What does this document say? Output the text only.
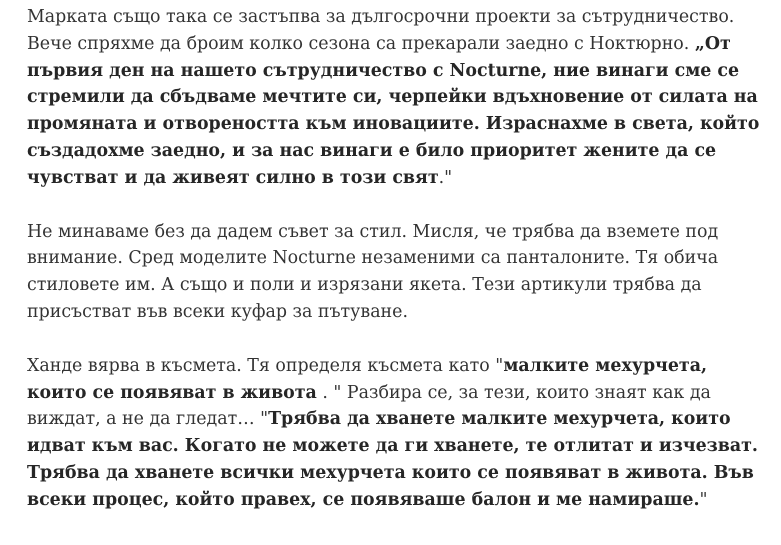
Марката също така се застъпва за дългосрочни проекти за сътрудничество. Вече спряхме да броим колко сезона са прекарали заедно с Ноктюрно. „От първия ден на нашето сътрудничество с Nocturne, ние винаги сме се стремили да сбъдваме мечтите си, черпейки вдъхновение от силата на промяната и отвореността към иновациите. Израснахме в света, който създадохме заедно, и за нас винаги е било приоритет жените да се чувстват и да живеят силно в този свят."

Не минаваме без да дадем съвет за стил. Мисля, че трябва да вземете под внимание. Сред моделите Nocturne незаменими са панталоните. Тя обича стиловете им. А също и поли и изрязани якета. Тези артикули трябва да присъстват във всеки куфар за пътуване.

Ханде вярва в късмета. Тя определя късмета като "малките мехурчета, които се появяват в живота . " Разбира се, за тези, които знаят как да виждат, а не да гледат… "Трябва да хванете малките мехурчета, които идват към вас. Когато не можете да ги хванете, те отлитат и изчезват. Трябва да хванете всички мехурчета които се появяват в живота. Във всеки процес, който правех, се появяваше балон и ме намираше."
